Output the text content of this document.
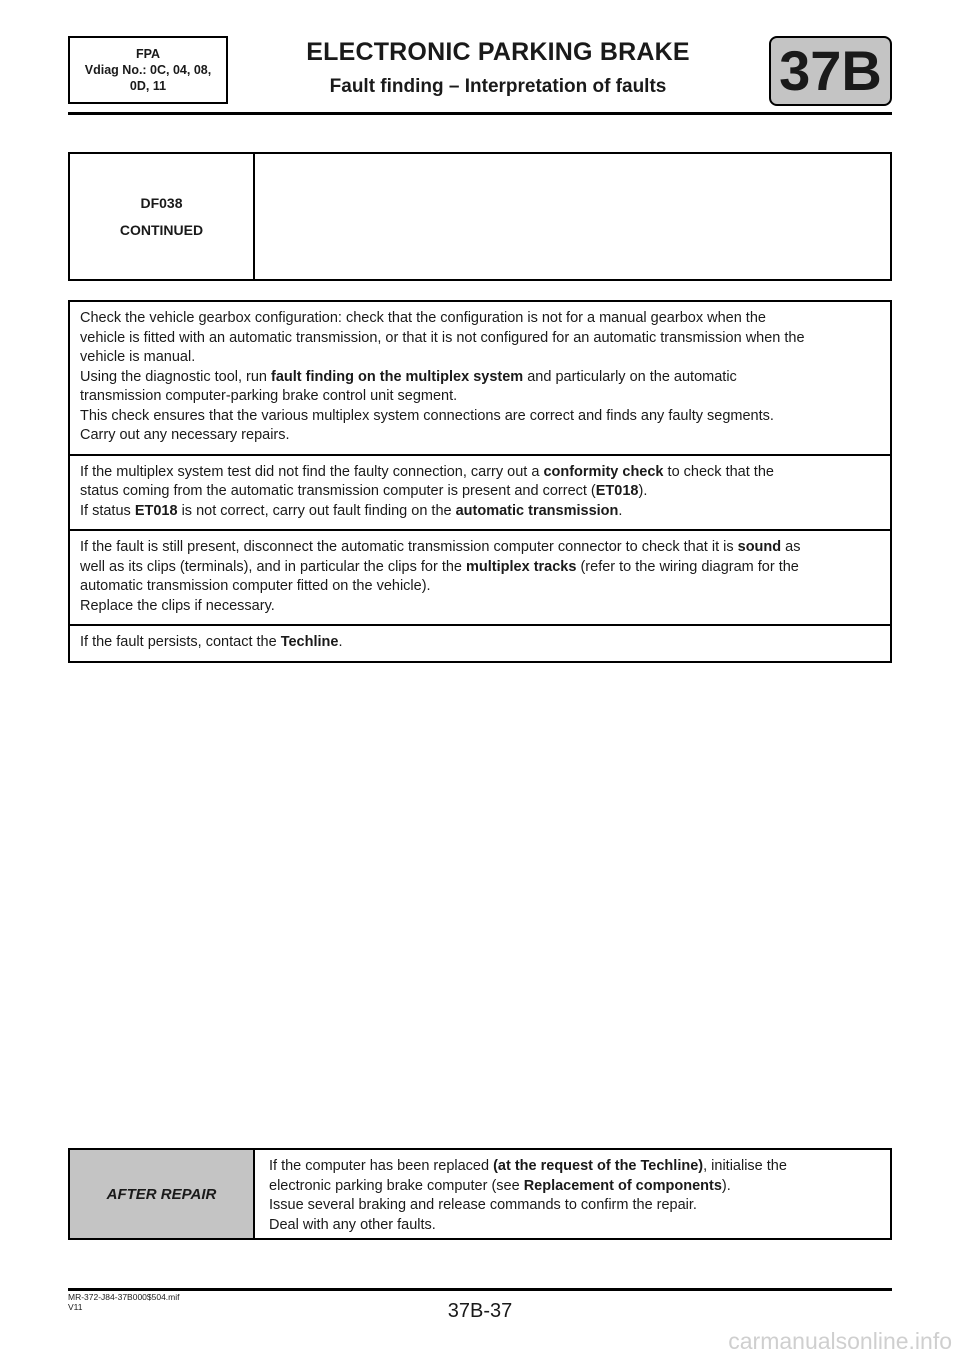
FPA
Vdiag No.: 0C, 04, 08,
0D, 11
ELECTRONIC PARKING BRAKE
Fault finding – Interpretation of faults	37B
DF038
CONTINUED
Check the vehicle gearbox configuration: check that the configuration is not for a manual gearbox when the
vehicle is fitted with an automatic transmission, or that it is not configured for an automatic transmission when the
vehicle is manual.
Using the diagnostic tool, run fault finding on the multiplex system and particularly on the automatic
transmission computer-parking brake control unit segment.
This check ensures that the various multiplex system connections are correct and finds any faulty segments.
Carry out any necessary repairs.
If the multiplex system test did not find the faulty connection, carry out a conformity check to check that the
status coming from the automatic transmission computer is present and correct (ET018).
If status ET018 is not correct, carry out fault finding on the automatic transmission.
If the fault is still present, disconnect the automatic transmission computer connector to check that it is sound as
well as its clips (terminals), and in particular the clips for the multiplex tracks (refer to the wiring diagram for the
automatic transmission computer fitted on the vehicle).
Replace the clips if necessary.
If the fault persists, contact the Techline.
AFTER REPAIR
If the computer has been replaced (at the request of the Techline), initialise the
electronic parking brake computer (see Replacement of components).
Issue several braking and release commands to confirm the repair.
Deal with any other faults.
MR-372-J84-37B000$504.mif
V11	37B-37
carmanualsonline.info
